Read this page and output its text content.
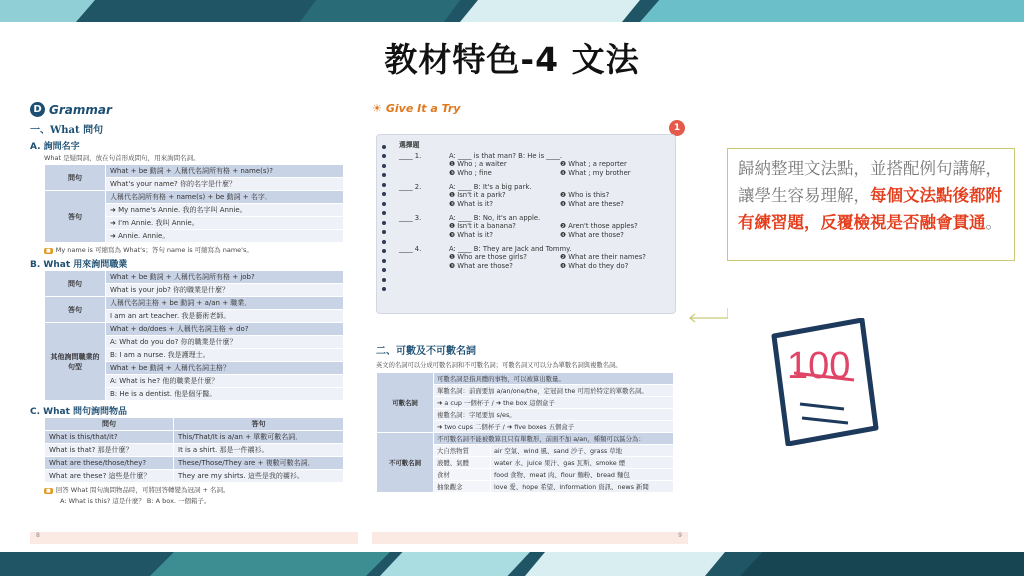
教材特色-4 文法
D Grammar
一、What 問句
A. 詢問名字
What 是疑問詞，放在句首形成問句，用來詢問名詞。
問句	What + be 動詞 + 人稱代名詞所有格 + name(s)?
	What's your name? 你的名字是什麼？
答句	人稱代名詞所有格 + name(s) + be 動詞 + 名字．
	➜ My name's Annie. 我的名字叫 Annie。
	➜ I'm Annie. 我叫 Annie。
	➜ Annie. Annie。
■ My name is 可縮寫為 What's；答句 name is 可縮寫為 name's。
B. What 用來詢問職業
問句	What + be 動詞 + 人稱代名詞所有格 + job?
	What is your job? 你的職業是什麼？
答句	人稱代名詞主格 + be 動詞 + a/an + 職業．
	I am an art teacher. 我是藝術老師。
其他詢問職業的句型	What + do/does + 人稱代名詞主格 + do?
	A: What do you do? 你的職業是什麼？
	B: I am a nurse. 我是護理士。
	What + be 動詞 + 人稱代名詞主格？
	A: What is he? 他的職業是什麼？
	B: He is a dentist. 他是個牙醫。
C. What 問句詢問物品
問句	答句
What is this/that/it?	This/That/It is a/an + 單數可數名詞．
What is that? 那是什麼？	It is a shirt. 那是一件襯衫。
What are these/those/they?	These/Those/They are + 複數可數名詞．
What are these? 這些是什麼？	They are my shirts. 這些是我的襯衫。
■ 回答 What 問句詢問物品時，可將回答轉變為冠詞 + 名詞。
A: What is this? 這是什麼？ B: A box. 一個箱子。
8
☀ Give It a Try
1
選擇題
____ 1.	A: ____ is that man? B: He is ____.
❶ Who ; a waiter	❷ What ; a reporter
❸ Who ; fine	❹ What ; my brother
____ 2.	A: ____ B: It's a big park.
❶ Isn't it a park?	❷ Who is this?
❸ What is it?	❹ What are these?
____ 3.	A: ____ B: No, it's an apple.
❶ Isn't it a banana?	❷ Aren't those apples?
❸ What is it?	❹ What are those?
____ 4.	A: ____ B: They are Jack and Tommy.
❶ Who are those girls?	❷ What are their names?
❸ What are those?	❹ What do they do?
二、可數及不可數名詞
英文的名詞可以分成可數名詞和不可數名詞；可數名詞又可以分為單數名詞與複數名詞。
可數名詞	可數名詞是指具體的事物，可以被算出數量。	
	單數名詞：前面要加 a/an/one/the，定冠詞 the 可用於特定的單數名詞。	
	➜ a cup 一個杯子 / ➜ the box 這個盒子	
	複數名詞：字尾要加 s/es。	
	➜ two cups 二個杯子 / ➜ five boxes 五個盒子	
不可數名詞	不可數名詞不能被數算且只有單數形，前面不加 a/an，種類可以區分為：	
	大自然物質	air 空氣、wind 風、sand 沙子、grass 草地
	液體、氣體	water 水、juice 果汁、gas 瓦斯、smoke 煙
	食材	food 食物、meat 肉、flour 麵粉、bread 麵包
	抽象觀念	love 愛、hope 希望、information 資訊、news 新聞
9
歸納整理文法點，並搭配例句講解，讓學生容易理解，每個文法點後都附有練習題，反覆檢視是否融會貫通。
100
